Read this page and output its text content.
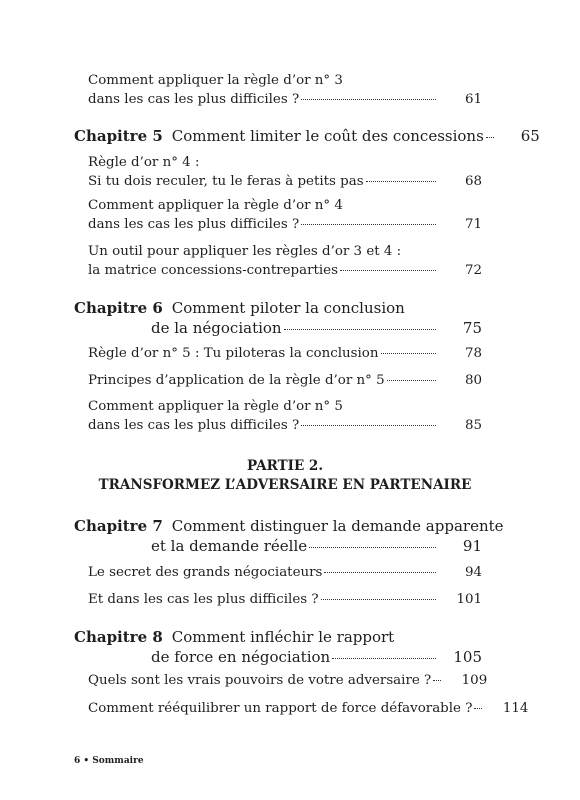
Comment appliquer la règle d’or n° 3
dans les cas les plus difficiles ?	61
Chapitre 5 Comment limiter le coût des concessions	65
Règle d’or n° 4 :
Si tu dois reculer, tu le feras à petits pas	68
Comment appliquer la règle d’or n° 4
dans les cas les plus difficiles ?	71
Un outil pour appliquer les règles d’or 3 et 4 :
la matrice concessions-contreparties	72
Chapitre 6 Comment piloter la conclusion
de la négociation	75
Règle d’or n° 5 : Tu piloteras la conclusion	78
Principes d’application de la règle d’or n° 5	80
Comment appliquer la règle d’or n° 5
dans les cas les plus difficiles ?	85
PARTIE 2.
TRANSFORMEZ L’ADVERSAIRE EN PARTENAIRE
Chapitre 7 Comment distinguer la demande apparente
et la demande réelle	91
Le secret des grands négociateurs	94
Et dans les cas les plus difficiles ?	101
Chapitre 8 Comment infléchir le rapport
de force en négociation	105
Quels sont les vrais pouvoirs de votre adversaire ?	109
Comment rééquilibrer un rapport de force défavorable ?	114
6 • Sommaire
